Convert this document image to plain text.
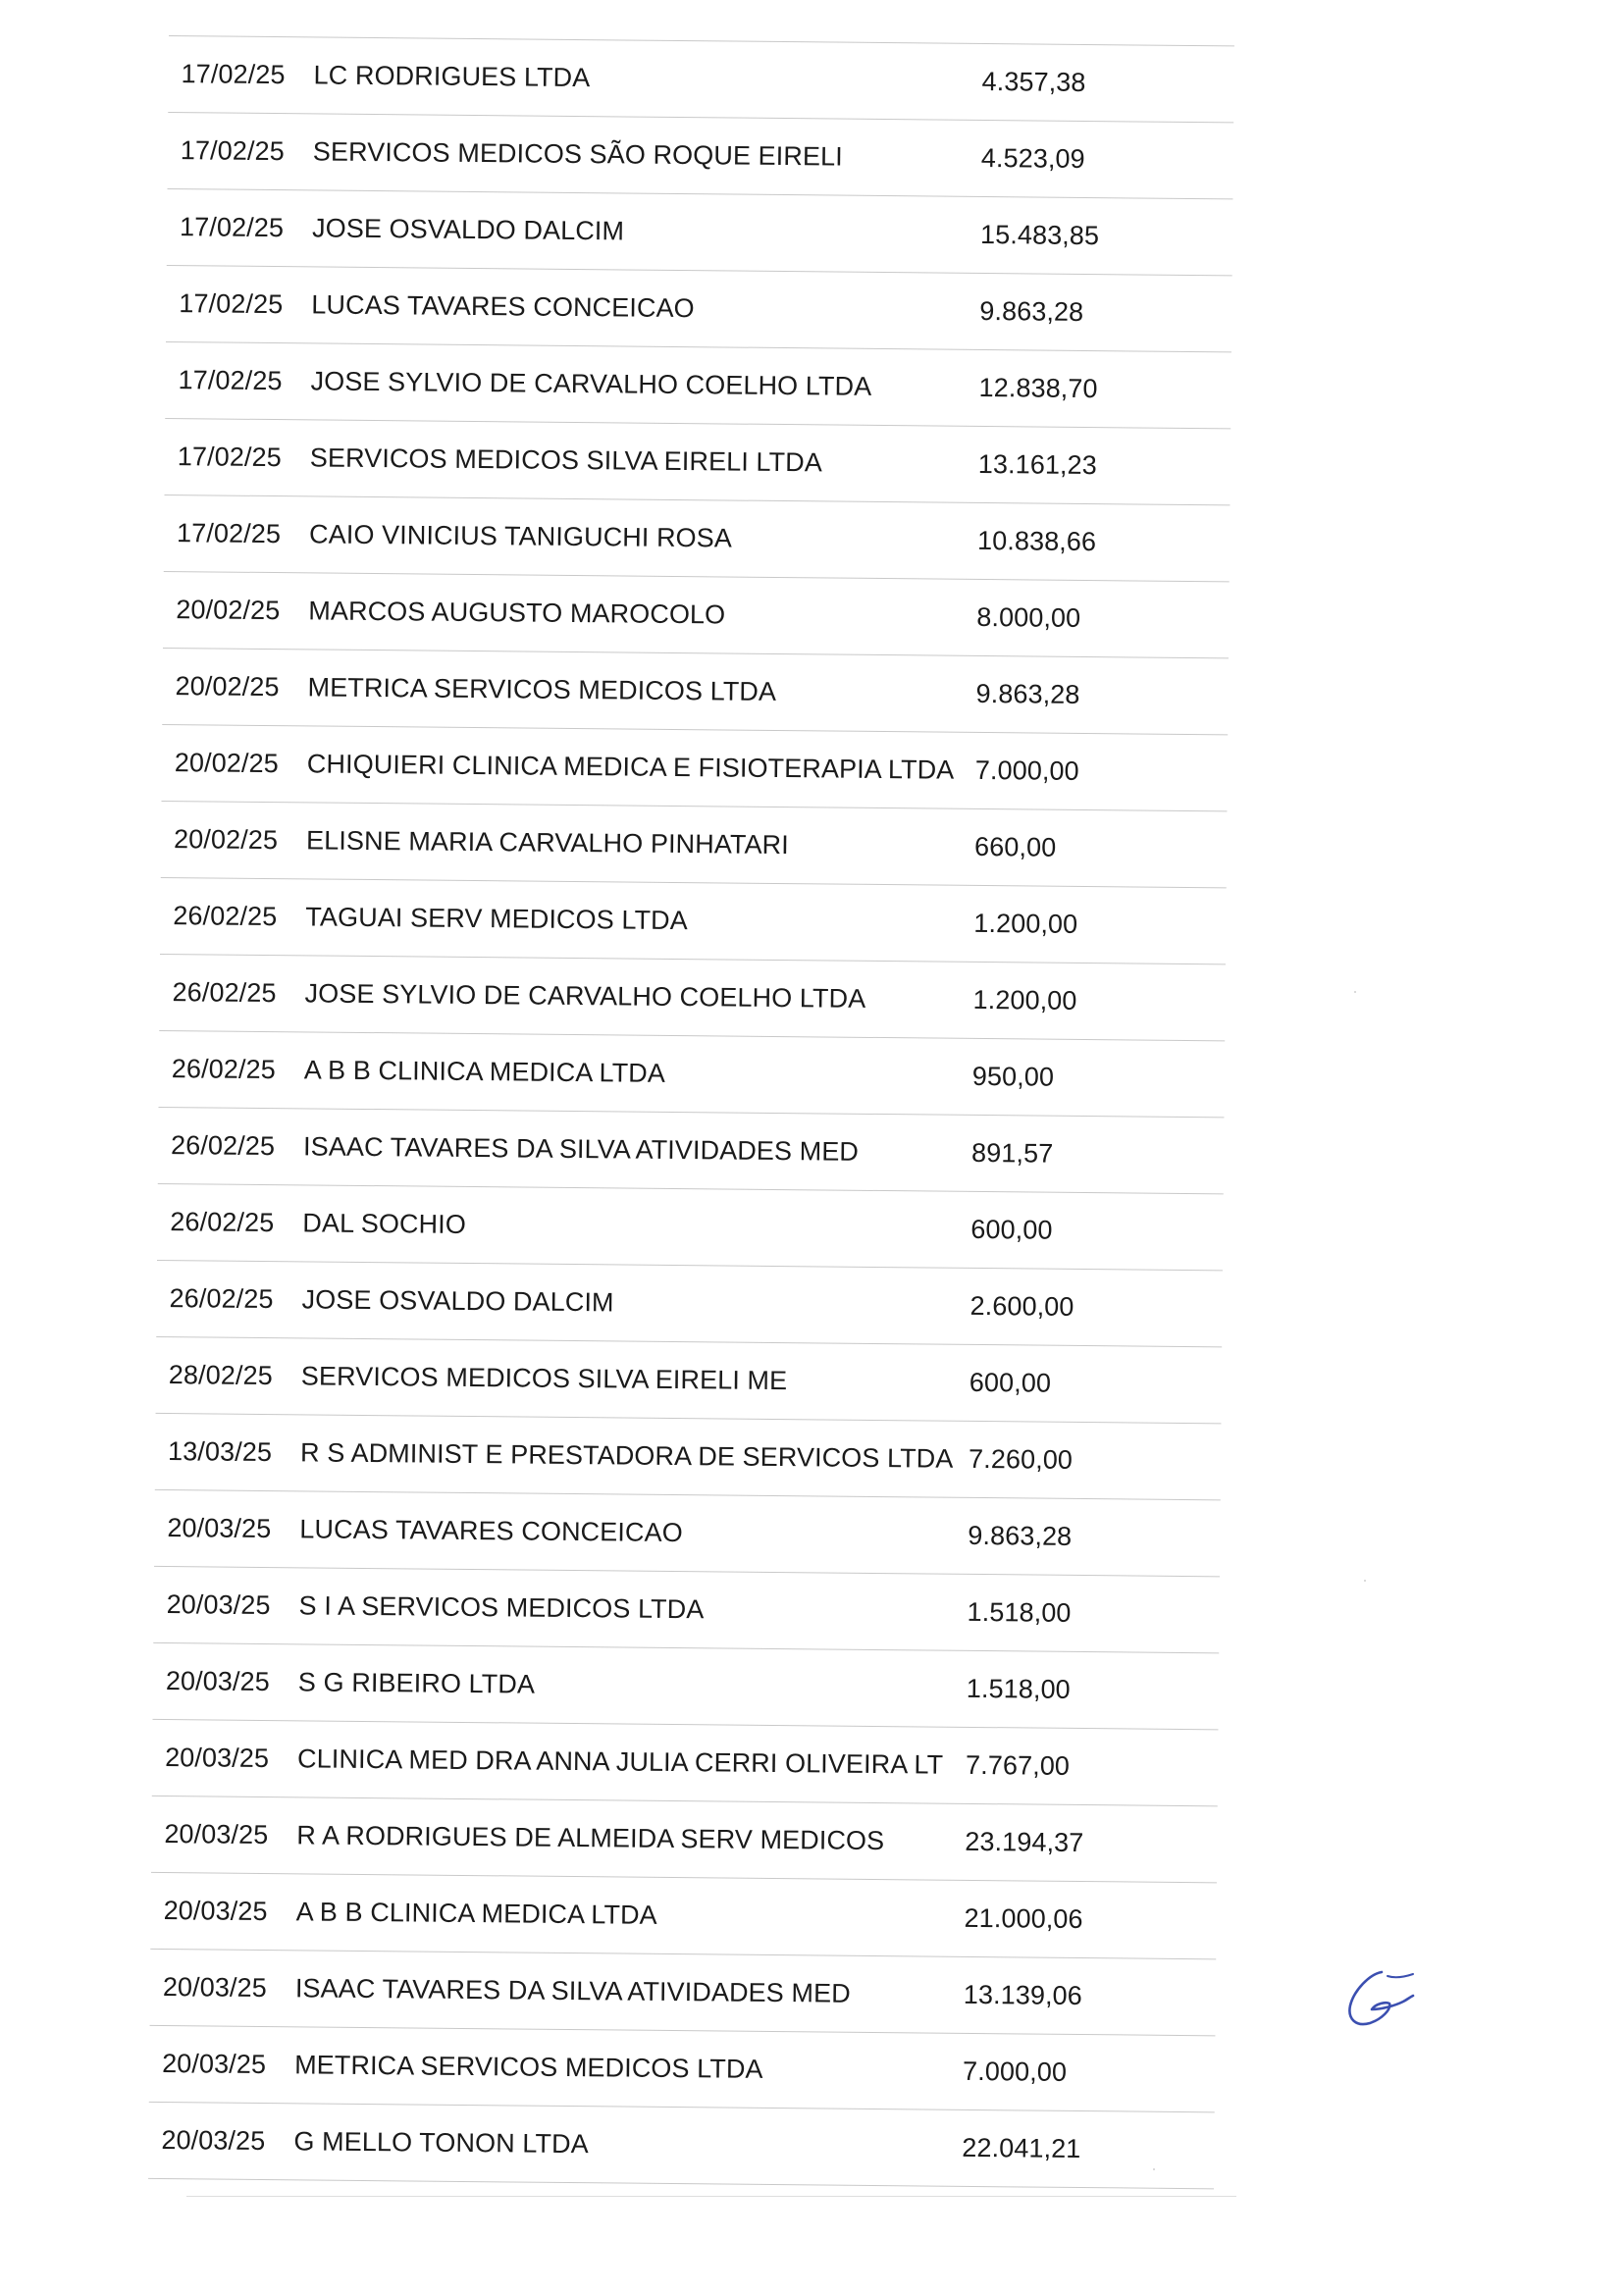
17/02/25 LC RODRIGUES LTDA	4.357,38
17/02/25 SERVICOS MEDICOS SÃO ROQUE EIRELI	4.523,09
17/02/25 JOSE OSVALDO DALCIM	15.483,85
17/02/25 LUCAS TAVARES CONCEICAO	9.863,28
17/02/25 JOSE SYLVIO DE CARVALHO COELHO LTDA	12.838,70
17/02/25 SERVICOS MEDICOS SILVA EIRELI LTDA	13.161,23
17/02/25 CAIO VINICIUS TANIGUCHI ROSA	10.838,66
20/02/25 MARCOS AUGUSTO MAROCOLO	8.000,00
20/02/25 METRICA SERVICOS MEDICOS LTDA	9.863,28
20/02/25 CHIQUIERI CLINICA MEDICA E FISIOTERAPIA LTDA 7.000,00
20/02/25 ELISNE MARIA CARVALHO PINHATARI	660,00
26/02/25 TAGUAI SERV MEDICOS LTDA	1.200,00
26/02/25 JOSE SYLVIO DE CARVALHO COELHO LTDA	1.200,00
26/02/25 A B B CLINICA MEDICA LTDA	950,00
26/02/25 ISAAC TAVARES DA SILVA ATIVIDADES MED	891,57
26/02/25 DAL SOCHIO	600,00
26/02/25 JOSE OSVALDO DALCIM	2.600,00
28/02/25 SERVICOS MEDICOS SILVA EIRELI ME	600,00
13/03/25 R S ADMINIST E PRESTADORA DE SERVICOS LTDA 7.260,00
20/03/25 LUCAS TAVARES CONCEICAO	9.863,28
20/03/25 S I A SERVICOS MEDICOS LTDA	1.518,00
20/03/25 S G RIBEIRO LTDA	1.518,00
20/03/25 CLINICA MED DRA ANNA JULIA CERRI OLIVEIRA LT 7.767,00
20/03/25 R A RODRIGUES DE ALMEIDA SERV MEDICOS	23.194,37
20/03/25 A B B CLINICA MEDICA LTDA	21.000,06
20/03/25 ISAAC TAVARES DA SILVA ATIVIDADES MED	13.139,06
20/03/25 METRICA SERVICOS MEDICOS LTDA	7.000,00
20/03/25 G MELLO TONON LTDA	22.041,21
